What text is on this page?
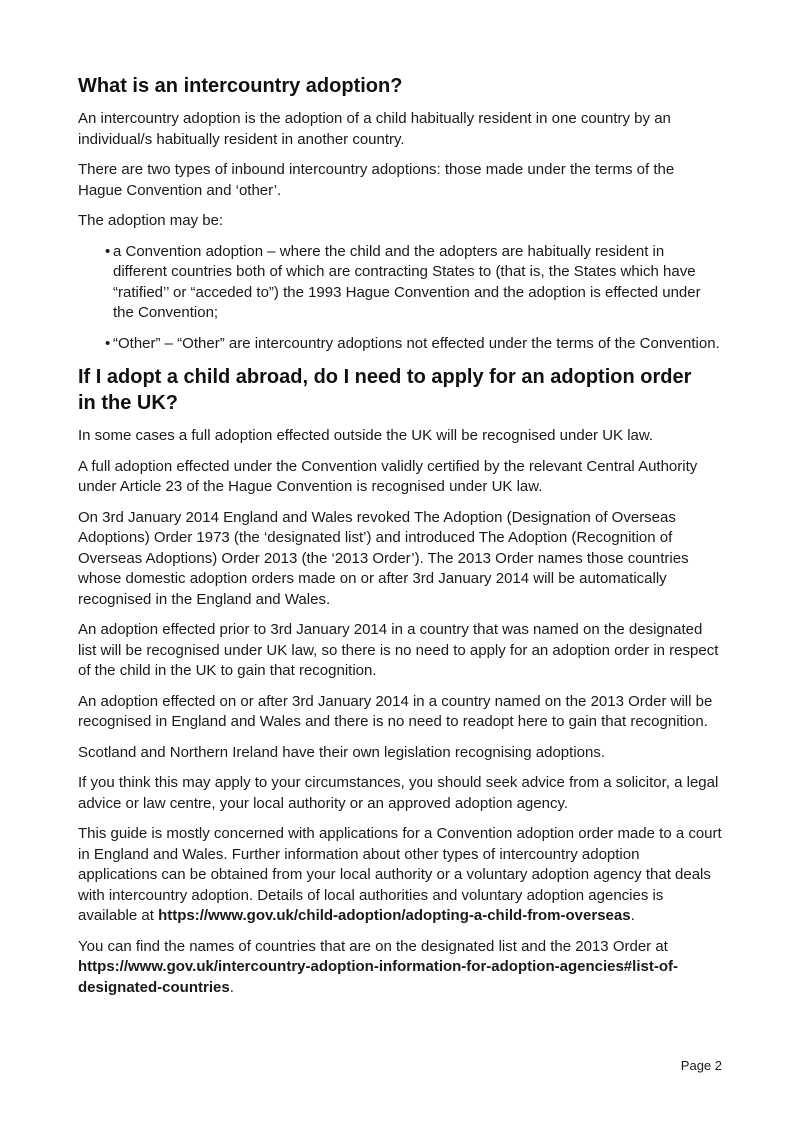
What is an intercountry adoption?

An intercountry adoption is the adoption of a child habitually resident in one country by an individual/s habitually resident in another country.

There are two types of inbound intercountry adoptions: those made under the terms of the Hague Convention and ‘other’.

The adoption may be:

• a Convention adoption – where the child and the adopters are habitually resident in different countries both of which are contracting States to (that is, the States which have “ratified’’ or “acceded to”) the 1993 Hague Convention and the adoption is effected under the Convention;
• “Other” – “Other” are intercountry adoptions not effected under the terms of the Convention.
If I adopt a child abroad, do I need to apply for an adoption order in the UK?

In some cases a full adoption effected outside the UK will be recognised under UK law.

A full adoption effected under the Convention validly certified by the relevant Central Authority under Article 23 of the Hague Convention is recognised under UK law.

On 3rd January 2014 England and Wales revoked The Adoption (Designation of Overseas Adoptions) Order 1973 (the ‘designated list’) and introduced The Adoption (Recognition of Overseas Adoptions) Order 2013 (the ‘2013 Order’). The 2013 Order names those countries whose domestic adoption orders made on or after 3rd January 2014 will be automatically recognised in the England and Wales.

An adoption effected prior to 3rd January 2014 in a country that was named on the designated list will be recognised under UK law, so there is no need to apply for an adoption order in respect of the child in the UK to gain that recognition.

An adoption effected on or after 3rd January 2014 in a country named on the 2013 Order will be recognised in England and Wales and there is no need to readopt here to gain that recognition.

Scotland and Northern Ireland have their own legislation recognising adoptions.

If you think this may apply to your circumstances, you should seek advice from a solicitor, a legal advice or law centre, your local authority or an approved adoption agency.

This guide is mostly concerned with applications for a Convention adoption order made to a court in England and Wales. Further information about other types of intercountry adoption applications can be obtained from your local authority or a voluntary adoption agency that deals with intercountry adoption. Details of local authorities and voluntary adoption agencies is available at https://www.gov.uk/child-adoption/adopting-a-child-from-overseas.

You can find the names of countries that are on the designated list and the 2013 Order at https://www.gov.uk/intercountry-adoption-information-for-adoption-agencies#list-of-designated-countries.

Page 2
